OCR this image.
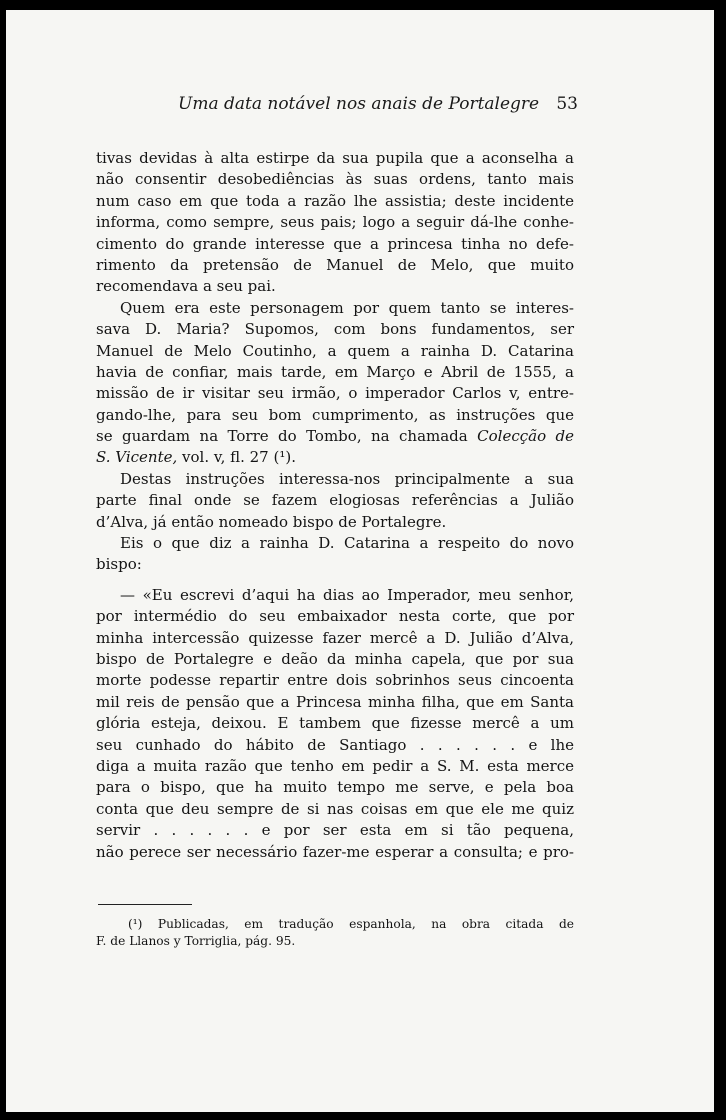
Uma data notável nos anais de Portalegre 53
tivas devidas à alta estirpe da sua pupila que a aconselha a
não consentir desobediências às suas ordens, tanto mais
num caso em que toda a razão lhe assistia; deste incidente
informa, como sempre, seus pais; logo a seguir dá-lhe conhe-
cimento do grande interesse que a princesa tinha no defe-
rimento da pretensão de Manuel de Melo, que muito
recomendava a seu pai.
Quem era este personagem por quem tanto se interes-
sava D. Maria? Supomos, com bons fundamentos, ser
Manuel de Melo Coutinho, a quem a rainha D. Catarina
havia de confiar, mais tarde, em Março e Abril de 1555, a
missão de ir visitar seu irmão, o imperador Carlos v, entre-
gando-lhe, para seu bom cumprimento, as instruções que
se guardam na Torre do Tombo, na chamada Colecção de
S. Vicente, vol. v, fl. 27 (¹).
Destas instruções interessa-nos principalmente a sua
parte final onde se fazem elogiosas referências a Julião
d’Alva, já então nomeado bispo de Portalegre.
Eis o que diz a rainha D. Catarina a respeito do novo
bispo:
— «Eu escrevi d’aqui ha dias ao Imperador, meu senhor,
por intermédio do seu embaixador nesta corte, que por
minha intercessão quizesse fazer mercê a D. Julião d’Alva,
bispo de Portalegre e deão da minha capela, que por sua
morte podesse repartir entre dois sobrinhos seus cincoenta
mil reis de pensão que a Princesa minha filha, que em Santa
glória esteja, deixou. E tambem que fizesse mercê a um
seu cunhado do hábito de Santiago . . . . . . e lhe
diga a muita razão que tenho em pedir a S. M. esta merce
para o bispo, que ha muito tempo me serve, e pela boa
conta que deu sempre de si nas coisas em que ele me quiz
servir . . . . . . e por ser esta em si tão pequena,
não perece ser necessário fazer-me esperar a consulta; e pro-
(¹) Publicadas, em tradução espanhola, na obra citada de
F. de Llanos y Torriglia, pág. 95.
